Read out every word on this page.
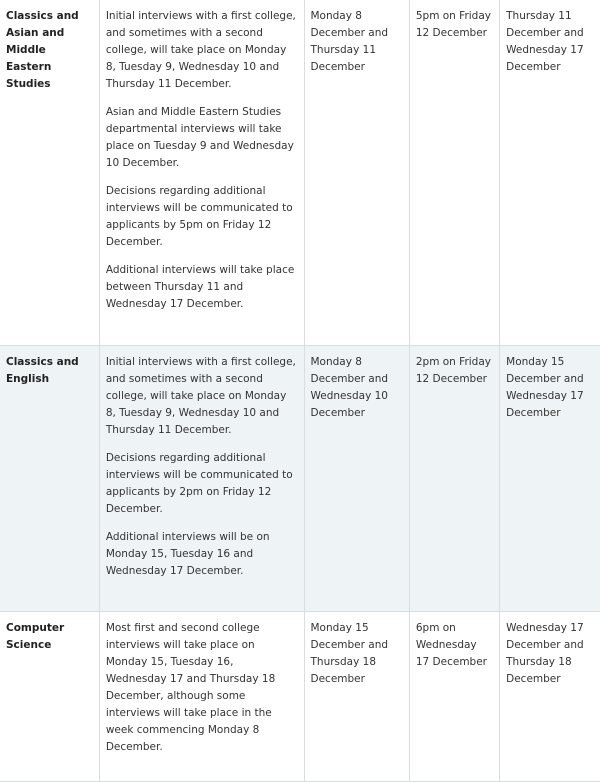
Classics and Asian and Middle Eastern Studies	Initial interviews with a first college, and sometimes with a second college, will take place on Monday 8, Tuesday 9, Wednesday 10 and Thursday 11 December.

Asian and Middle Eastern Studies departmental interviews will take place on Tuesday 9 and Wednesday 10 December.

Decisions regarding additional interviews will be communicated to applicants by 5pm on Friday 12 December.

Additional interviews will take place between Thursday 11 and Wednesday 17 December.	Monday 8 December and Thursday 11 December	5pm on Friday 12 December	Thursday 11 December and Wednesday 17 December
Classics and English	Initial interviews with a first college, and sometimes with a second college, will take place on Monday 8, Tuesday 9, Wednesday 10 and Thursday 11 December.

Decisions regarding additional interviews will be communicated to applicants by 2pm on Friday 12 December.

Additional interviews will be on Monday 15, Tuesday 16 and Wednesday 17 December.	Monday 8 December and Wednesday 10 December	2pm on Friday 12 December	Monday 15 December and Wednesday 17 December
Computer Science	Most first and second college interviews will take place on Monday 15, Tuesday 16, Wednesday 17 and Thursday 18 December, although some interviews will take place in the week commencing Monday 8 December.	Monday 15 December and Thursday 18 December	6pm on Wednesday 17 December	Wednesday 17 December and Thursday 18 December
